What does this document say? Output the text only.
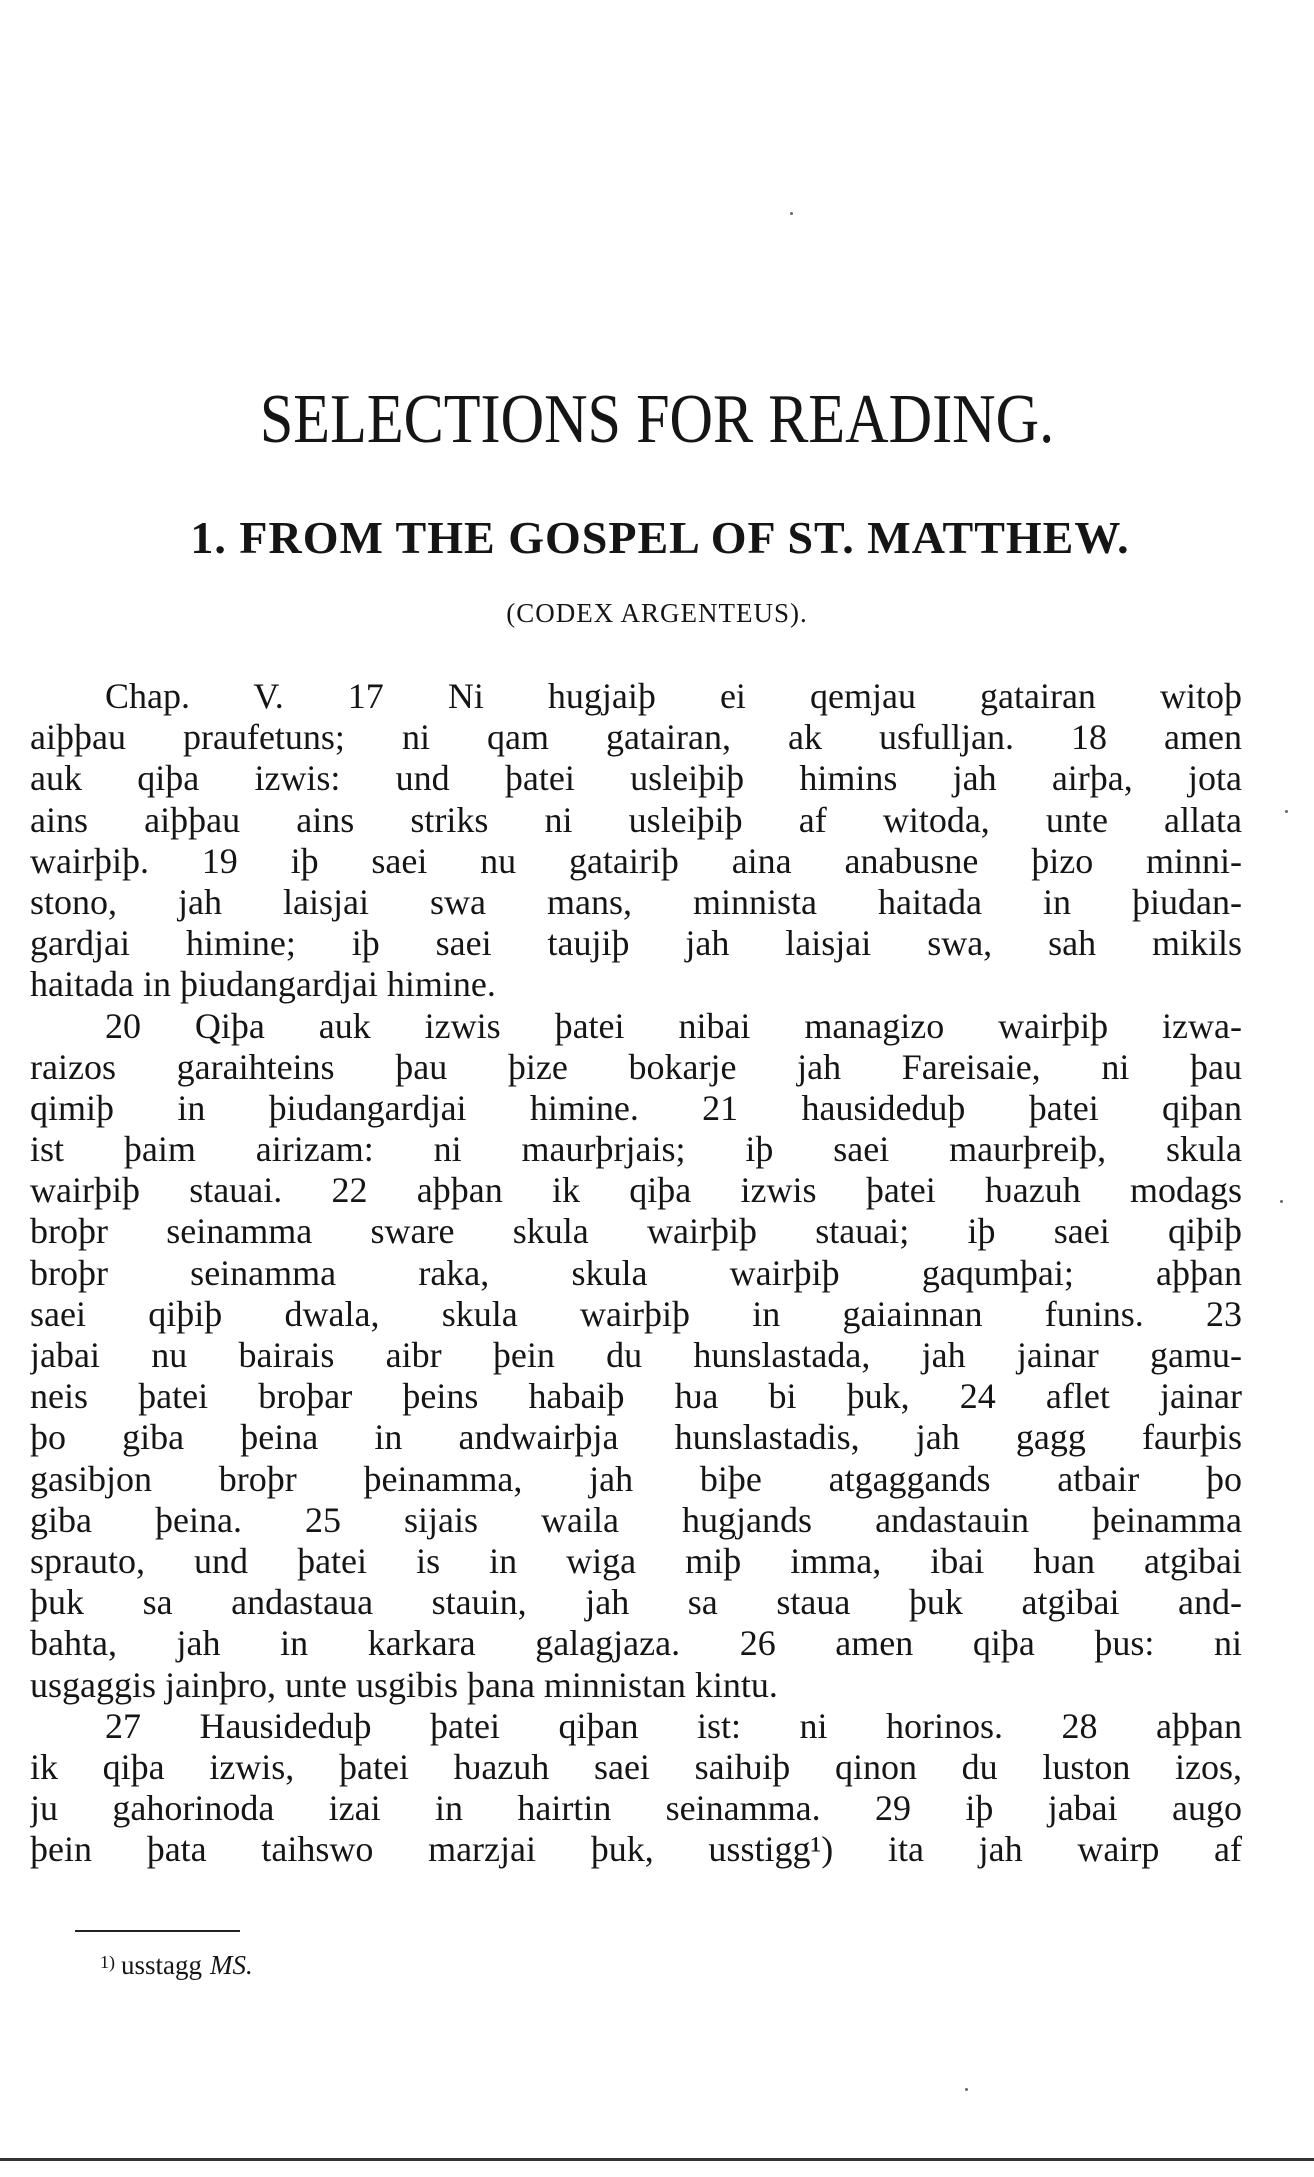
SELECTIONS FOR READING.
1. FROM THE GOSPEL OF ST. MATTHEW.
(CODEX ARGENTEUS).
Chap. V. 17 Ni hugjaiþ ei qemjau gatairan witoþ
aiþþau praufetuns; ni qam gatairan, ak usfulljan. 18 amen
auk qiþa izwis: und þatei usleiþiþ himins jah airþa, jota
ains aiþþau ains striks ni usleiþiþ af witoda, unte allata
wairþiþ. 19 iþ saei nu gatairiþ aina anabusne þizo minni-
stono, jah laisjai swa mans, minnista haitada in þiudan-
gardjai himine; iþ saei taujiþ jah laisjai swa, sah mikils
haitada in þiudangardjai himine.
20 Qiþa auk izwis þatei nibai managizo wairþiþ izwa-
raizos garaihteins þau þize bokarje jah Fareisaie, ni þau
qimiþ in þiudangardjai himine. 21 hausideduþ þatei qiþan
ist þaim airizam: ni maurþrjais; iþ saei maurþreiþ, skula
wairþiþ stauai. 22 aþþan ik qiþa izwis þatei ƕazuh modags
broþr seinamma sware skula wairþiþ stauai; iþ saei qiþiþ
broþr seinamma raka, skula wairþiþ gaqumþai; aþþan
saei qiþiþ dwala, skula wairþiþ in gaiainnan funins. 23
jabai nu bairais aibr þein du hunslastada, jah jainar gamu-
neis þatei broþar þeins habaiþ ƕa bi þuk, 24 aflet jainar
þo giba þeina in andwairþja hunslastadis, jah gagg faurþis
gasibjon broþr þeinamma, jah biþe atgaggands atbair þo
giba þeina. 25 sijais waila hugjands andastauin þeinamma
sprauto, und þatei is in wiga miþ imma, ibai ƕan atgibai
þuk sa andastaua stauin, jah sa staua þuk atgibai and-
bahta, jah in karkara galagjaza. 26 amen qiþa þus: ni
usgaggis jainþro, unte usgibis þana minnistan kintu.
27 Hausideduþ þatei qiþan ist: ni horinos. 28 aþþan
ik qiþa izwis, þatei ƕazuh saei saiƕiþ qinon du luston izos,
ju gahorinoda izai in hairtin seinamma. 29 iþ jabai augo
þein þata taihswo marzjai þuk, usstigg¹) ita jah wairp af
$^{1)}$ usstagg MS.
